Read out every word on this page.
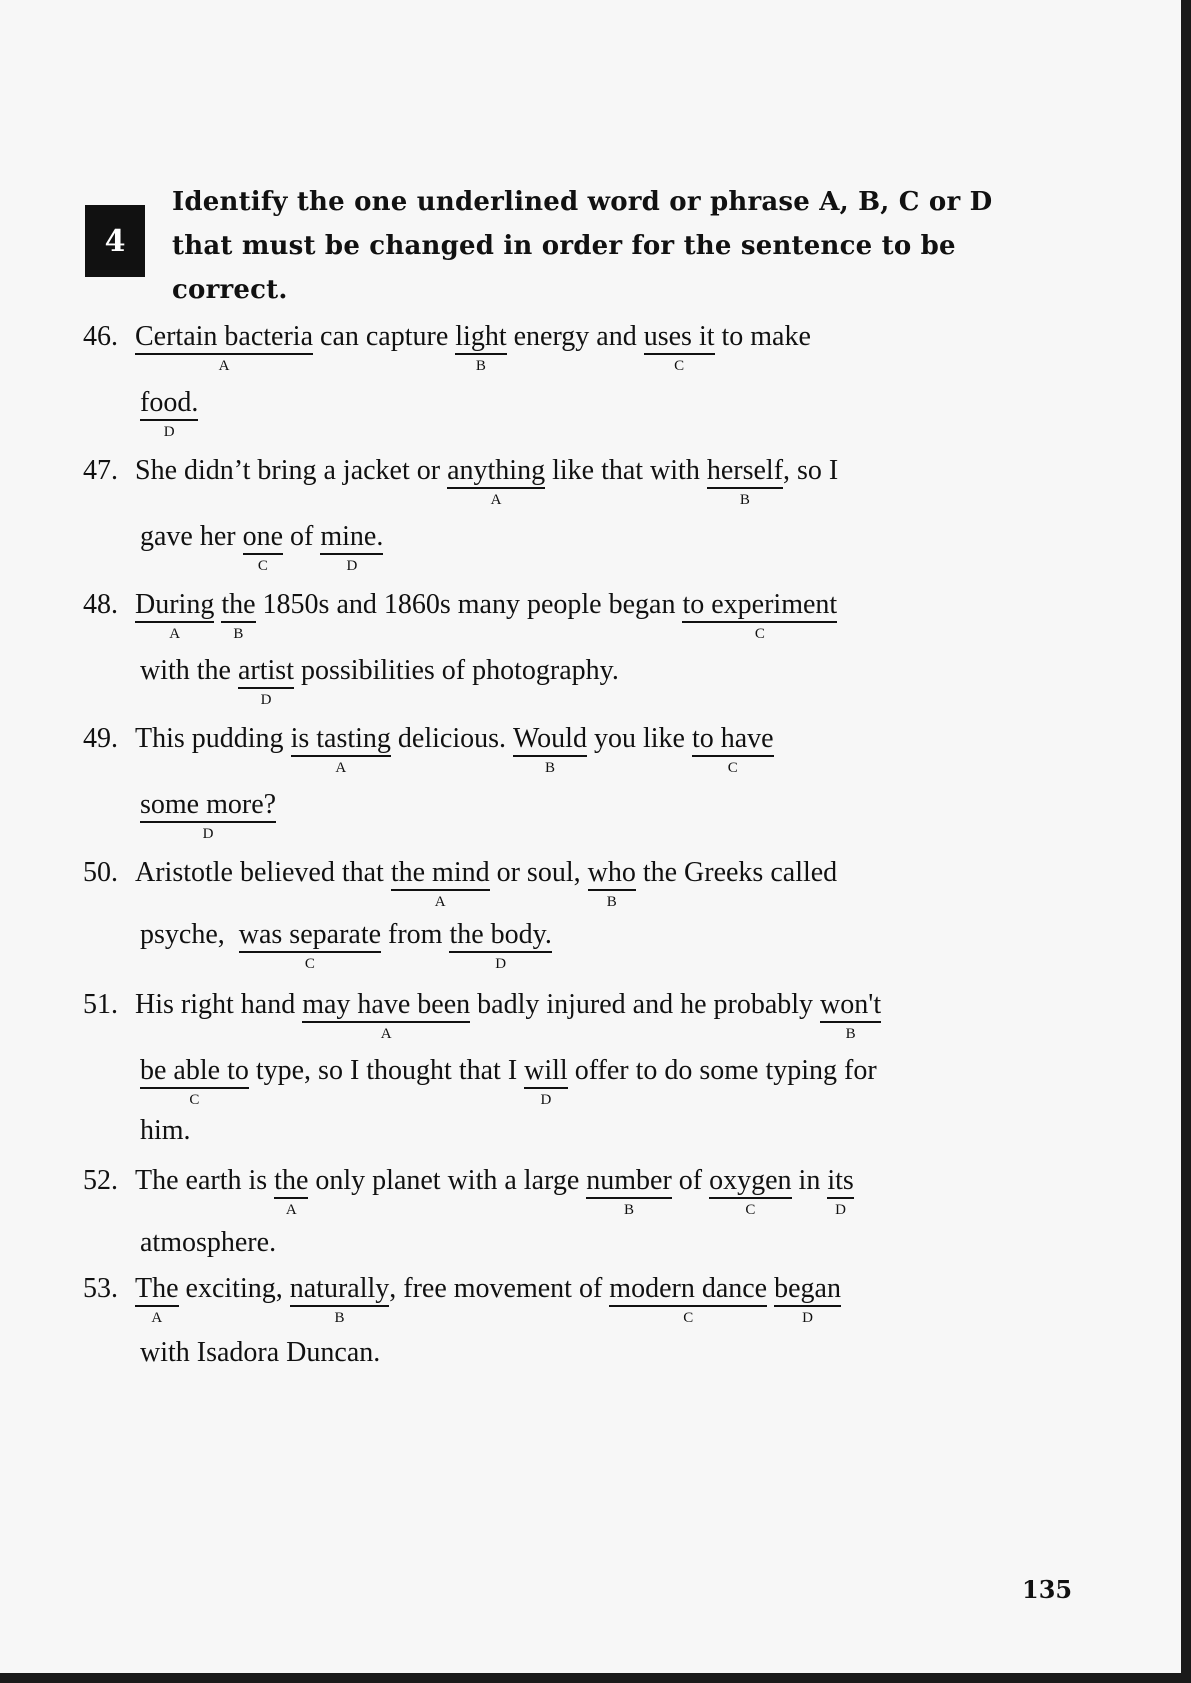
4
Identify the one underlined word or phrase A, B, C or D that must be changed in order for the sentence to be correct.
46. Certain bacteria
A
can capture light
B
energy and uses it
C
to make
food.
D
47. She didn’t bring a jacket or anything
A
like that with herself
B
, so I
gave her one
C
of mine.
D
48. During
A
the
B
1850s and 1860s many people began to experiment
C
with the artist
D
possibilities of photography.
49. This pudding is tasting
A
delicious. Would
B
you like to have
C
some more?
D
50. Aristotle believed that the mind
A
or soul, who
B
the Greeks called
psyche,  was separate
C
from the body.
D
51. His right hand may have been
A
badly injured and he probably won't
B
be able to
C
type, so I thought that I will
D
offer to do some typing for
him.
52. The earth is the
A
only planet with a large number
B
of oxygen
C
in its
D
atmosphere.
53. The
A
exciting, naturally
B
, free movement of modern dance
C
began
D
with Isadora Duncan.
135
